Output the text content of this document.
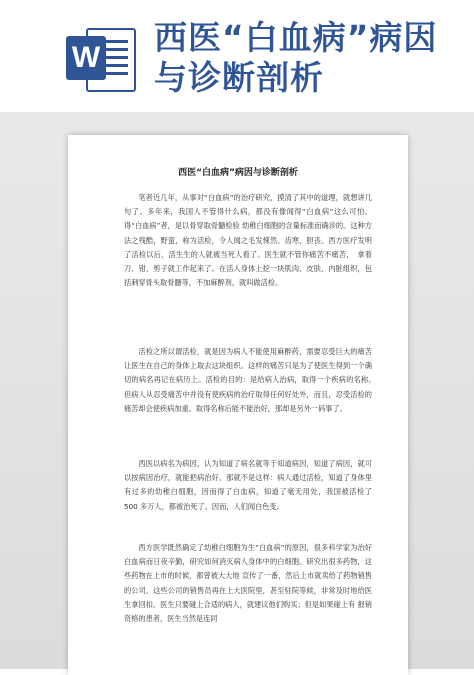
W
西医“白血病”病因与诊断剖析
西医“白血病”病因与诊断剖析

笔者近几年，从事对“白血病”的治疗研究，摸清了其中的道理，就想讲几句了。多年来，我国人不管得什么病，都没有像闻得“白血病”这么可怕。得“白血病”者，是以骨穿取骨髓检验 幼稚白细胞的含量标准而确诊的。这种方法之残酷，野蛮，称为活检，令人闻之毛发悚然、齿寒，胆丧。西方医疗发明了活检以后，活生生的人就被当死人看了。医生就不管你痛苦不痛苦，　拿着刀、钳、剪子就工作起来了。在活人身体上挖一块肌肉、皮肤、内脏组织，包括刺穿骨头取骨髓等，不加麻醉剂，就叫做活检。

活检之所以谓活检，就是因为病人不能使用麻醉药，需要忍受巨大的痛苦让医生在自己的身体上取去这块组织。这样的痛苦只是为了使医生得到一个确切的病名再记在病历上。活检的目的：是给病人治病，取得一个疾病的名称。　但病人从忍受痛苦中并没有使疾病的治疗取得任何好处外，而且，忍受活检的痛苦却会使疾病加重。取得名称后能不能治好，那却是另外一码事了。

西医以病名为病因，认为知道了病名就等于知道病因，知道了病因，就可以按病因治疗，就能把病治好。那就不是这样：病人通过活检，知道了身体里有过多的幼稚白细胞，因而得了白血病，知道了毫无用处，我国被活检了　500 多万人，都被治死了。因而，人们闻白色变。

西方医学既然确定了幼稚白细胞为生“白血病”的原因，很多科学家为治好白血病而日夜辛勤，研究如何消灭病人身体中的白细胞。研究出很多药物，这些药物在上市的时候，都曾被大大地 宣传了一番，然后上市就卖给了药物销售的公司，这些公司的销售员再在上大医院里，甚至驻院等候，非常及时地给医生拿回扣。医生只要碰上合适的病人，就建议他们购买；但是如果碰上有 报销资格的患者，医生当然是连同
